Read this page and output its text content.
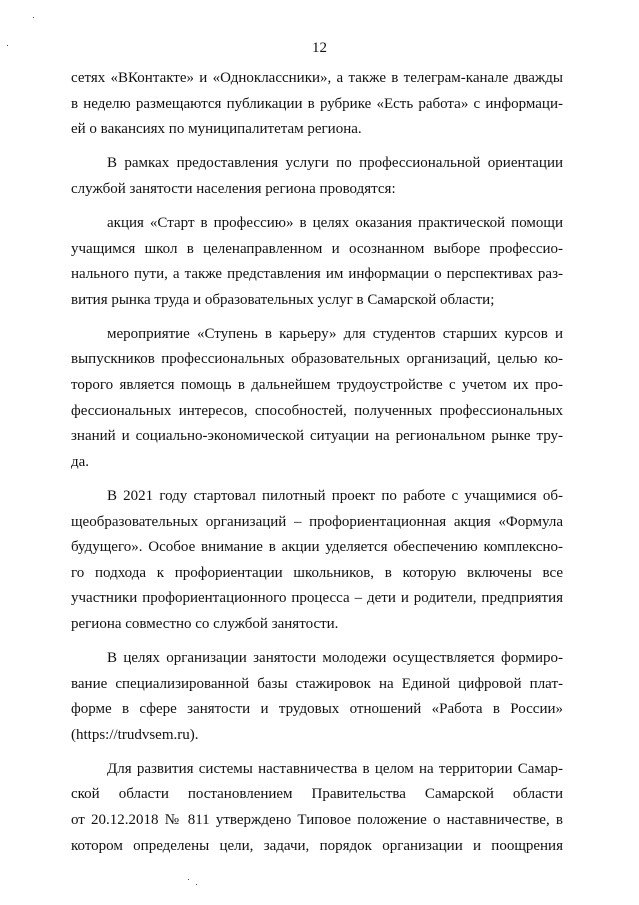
12
сетях «ВКонтакте» и «Одноклассники», а также в телеграм-канале дважды
в неделю размещаются публикации в рубрике «Есть работа» с информаци-
ей о вакансиях по муниципалитетам региона.
В рамках предоставления услуги по профессиональной ориентации
службой занятости населения региона проводятся:
акция «Старт в профессию» в целях оказания практической помощи
учащимся школ в целенаправленном и осознанном выборе профессио-
нального пути, а также представления им информации о перспективах раз-
вития рынка труда и образовательных услуг в Самарской области;
мероприятие «Ступень в карьеру» для студентов старших курсов и
выпускников профессиональных образовательных организаций, целью ко-
торого является помощь в дальнейшем трудоустройстве с учетом их про-
фессиональных интересов, способностей, полученных профессиональных
знаний и социально-экономической ситуации на региональном рынке тру-
да.
В 2021 году стартовал пилотный проект по работе с учащимися об-
щеобразовательных организаций – профориентационная акция «Формула
будущего». Особое внимание в акции уделяется обеспечению комплексно-
го подхода к профориентации школьников, в которую включены все
участники профориентационного процесса – дети и родители, предприятия
региона совместно со службой занятости.
В целях организации занятости молодежи осуществляется формиро-
вание специализированной базы стажировок на Единой цифровой плат-
форме в сфере занятости и трудовых отношений «Работа в России»
(https://trudvsem.ru).
Для развития системы наставничества в целом на территории Самар-
ской области постановлением Правительства Самарской области
от 20.12.2018 № 811 утверждено Типовое положение о наставничестве, в
котором определены цели, задачи, порядок организации и поощрения
